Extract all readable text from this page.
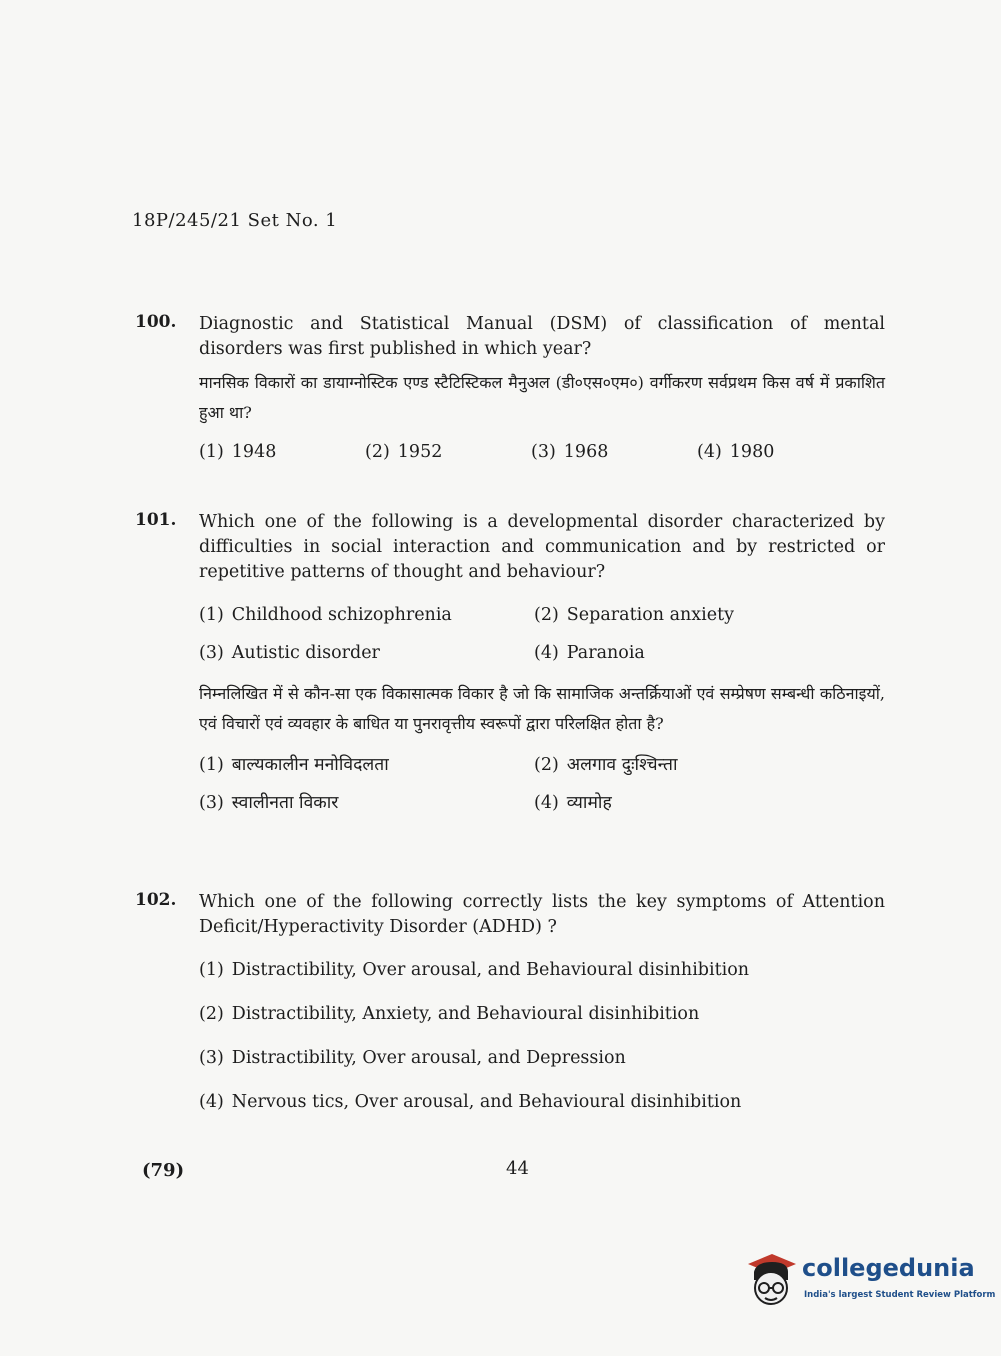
18P/245/21 Set No. 1
100. Diagnostic and Statistical Manual (DSM) of classification of mental disorders was first published in which year?
मानसिक विकारों का डायाग्नोस्टिक एण्ड स्टैटिस्टिकल मैनुअल (डी०एस०एम०) वर्गीकरण सर्वप्रथम किस वर्ष में प्रकाशित हुआ था?
(1) 1948	(2) 1952	(3) 1968	(4) 1980
101. Which one of the following is a developmental disorder characterized by difficulties in social interaction and communication and by restricted or repetitive patterns of thought and behaviour?
(1) Childhood schizophrenia	(2) Separation anxiety
(3) Autistic disorder	(4) Paranoia
निम्नलिखित में से कौन-सा एक विकासात्मक विकार है जो कि सामाजिक अन्तर्क्रियाओं एवं सम्प्रेषण सम्बन्धी कठिनाइयों, एवं विचारों एवं व्यवहार के बाधित या पुनरावृत्तीय स्वरूपों द्वारा परिलक्षित होता है?
(1) बाल्यकालीन मनोविदलता	(2) अलगाव दुःश्चिन्ता
(3) स्वालीनता विकार	(4) व्यामोह
102. Which one of the following correctly lists the key symptoms of Attention Deficit/Hyperactivity Disorder (ADHD) ?
(1) Distractibility, Over arousal, and Behavioural disinhibition
(2) Distractibility, Anxiety, and Behavioural disinhibition
(3) Distractibility, Over arousal, and Depression
(4) Nervous tics, Over arousal, and Behavioural disinhibition
(79)	44
collegedunia
India's largest Student Review Platform
